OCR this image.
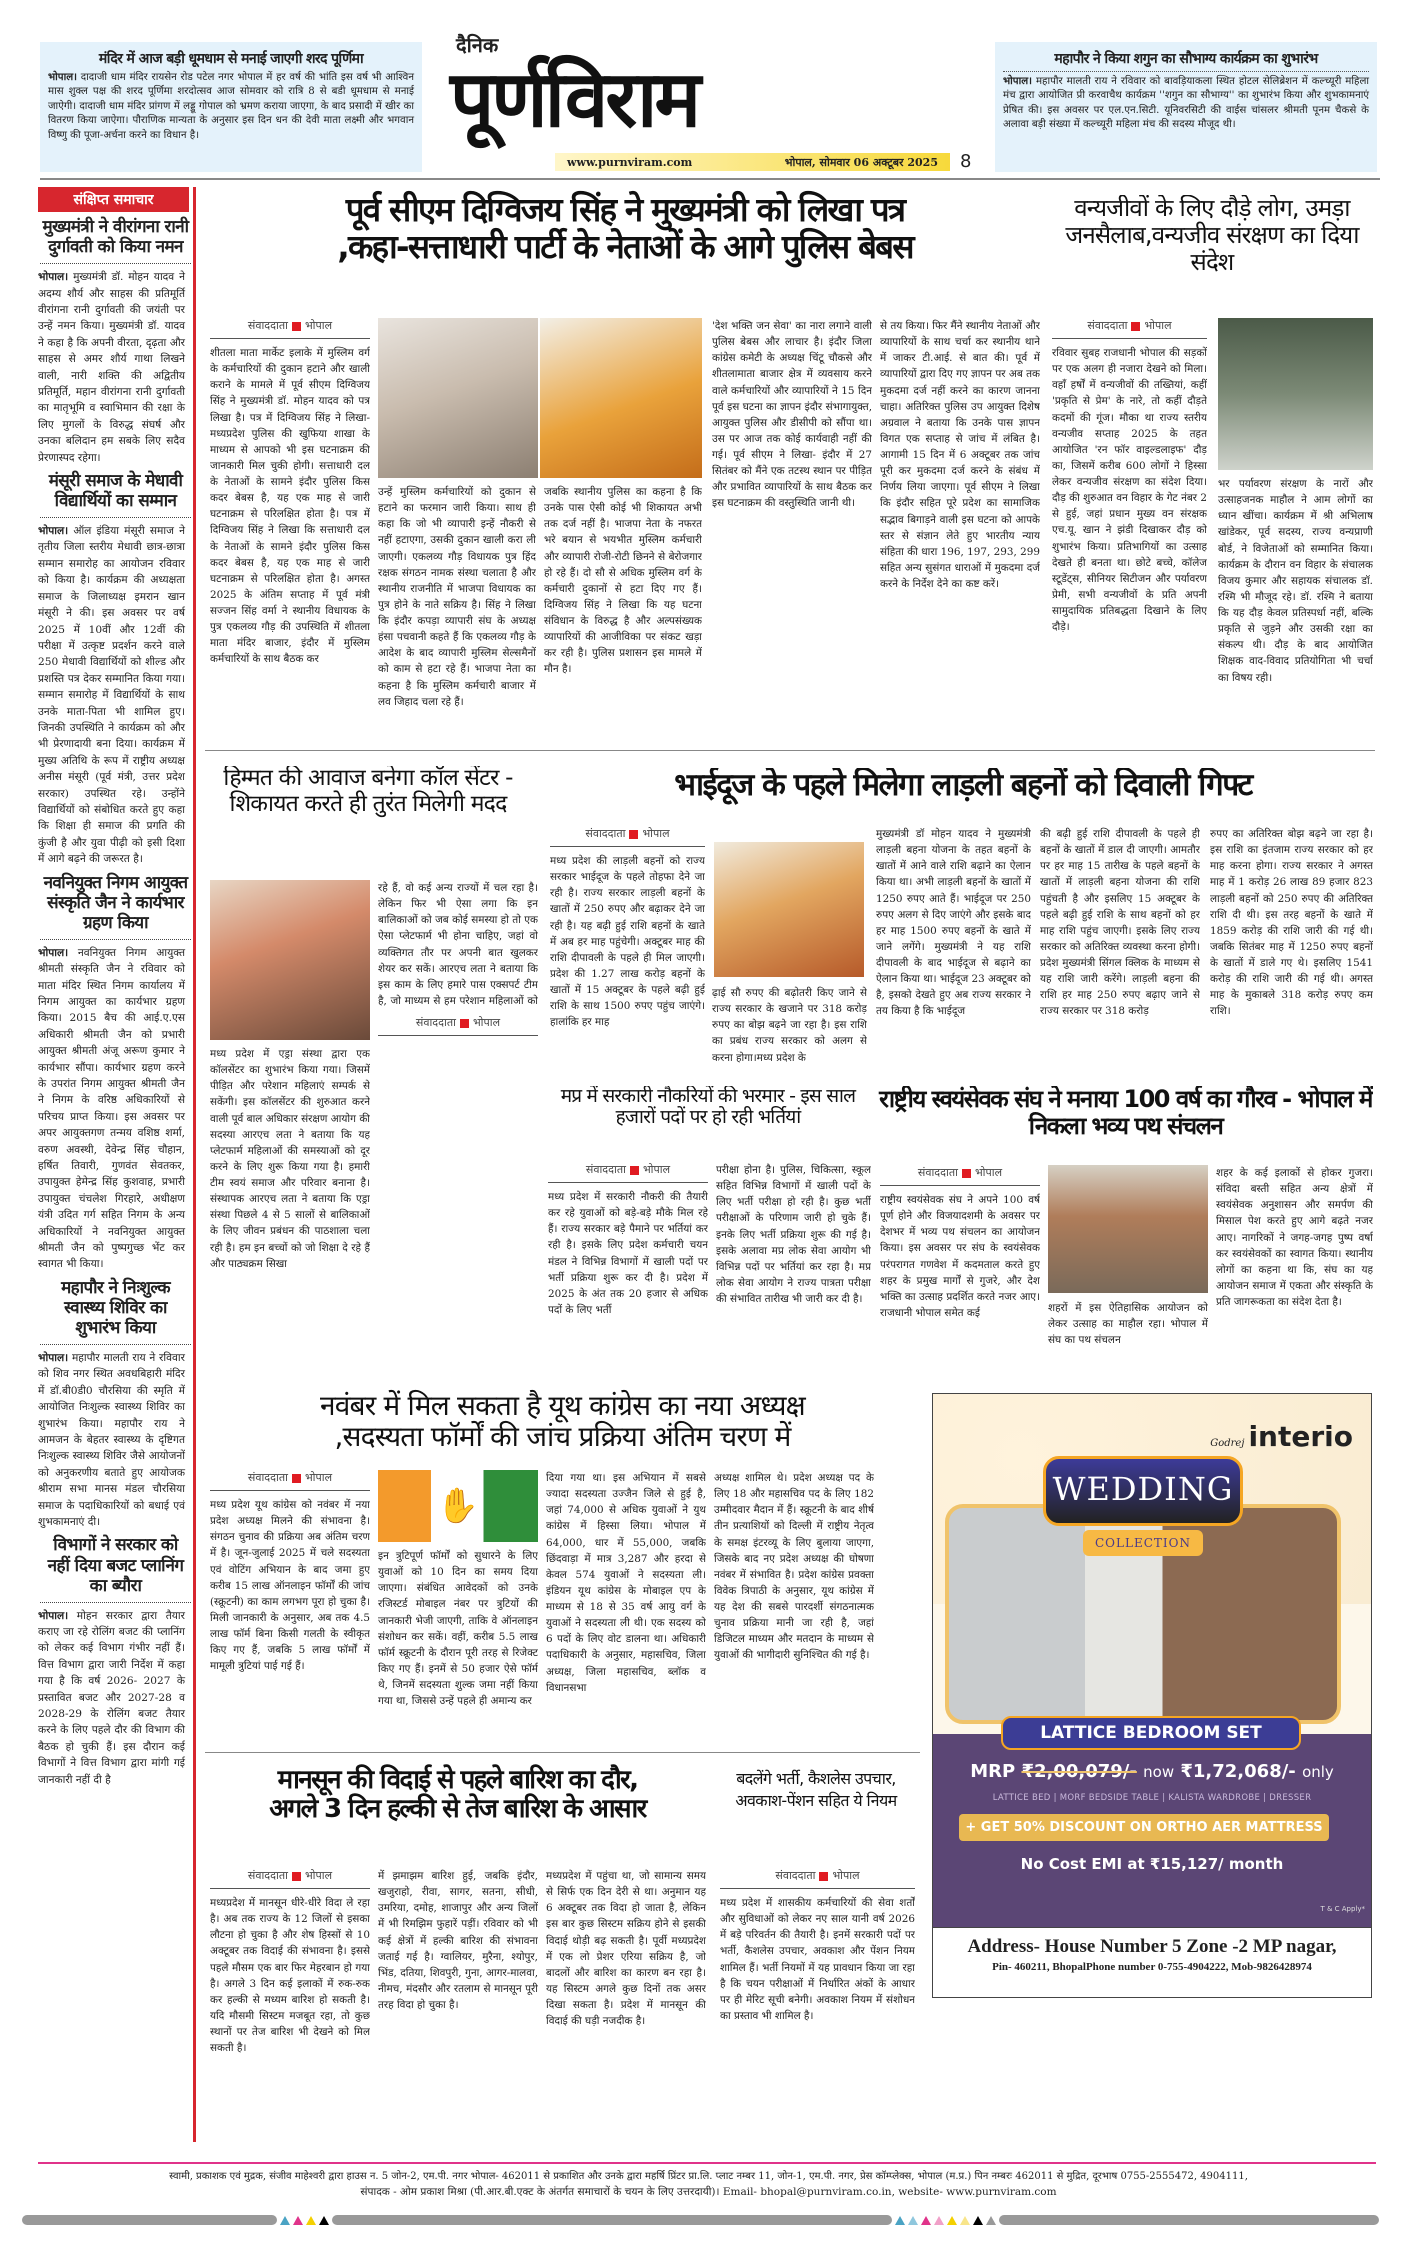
मंदिर में आज बड़ी धूमधाम से मनाई जाएगी शरद पूर्णिमा

भोपाल। दादाजी धाम मंदिर रायसेन रोड पटेल नगर भोपाल में हर वर्ष की भांति इस वर्ष भी आश्विन मास शुक्ल पक्ष की शरद पूर्णिमा शरदोत्सव आज सोमवार को रात्रि 8 से बडी धूमधाम से मनाई जाऐगी। दादाजी धाम मंदिर प्रांगण में लड्डू गोपाल को भ्रमण कराया जाएगा, के बाद प्रसादी में खीर का वितरण किया जाऐगा। पौराणिक मान्यता के अनुसार इस दिन धन की देवी माता लक्ष्मी और भगवान विष्णु की पूजा-अर्चना करने का विधान है।

दैनिक
पूर्णविराम
www.purnviram.com	भोपाल, सोमवार 06 अक्टूबर 2025 8
महापौर ने किया शगुन का सौभाग्य कार्यक्रम का शुभारंभ

भोपाल। महापौर मालती राय ने रविवार को बावड़ियाकला स्थित होटल सेलिब्रेशन में कल्च्यूरी महिला मंच द्वारा आयोजित प्री करवाचैथ कार्यक्रम ''शगुन का सौभाग्य'' का शुभारंभ किया और शुभकामनाएं प्रेषित की। इस अवसर पर एल.एन.सिटी. यूनिवरसिटी की वाईस चांसलर श्रीमती पूनम चैकसे के अलावा बड़ी संख्या में कल्च्यूरी महिला मंच की सदस्य मौजूद थी।

संक्षिप्त समाचार
मुख्यमंत्री ने वीरांगना रानी दुर्गावती को किया नमन

भोपाल। मुख्यमंत्री डॉ. मोहन यादव ने अदम्य शौर्य और साहस की प्रतिमूर्ति वीरांगना रानी दुर्गावती की जयंती पर उन्हें नमन किया। मुख्यमंत्री डॉ. यादव ने कहा है कि अपनी वीरता, दृढ़ता और साहस से अमर शौर्य गाथा लिखने वाली, नारी शक्ति की अद्वितीय प्रतिमूर्ति, महान वीरांगना रानी दुर्गावती का मातृभूमि व स्वाभिमान की रक्षा के लिए मुगलों के विरुद्ध संघर्ष और उनका बलिदान हम सबके लिए सदैव प्रेरणास्पद रहेगा।

मंसूरी समाज के मेधावी विद्यार्थियों का सम्मान

भोपाल। ऑल इंडिया मंसूरी समाज ने तृतीय जिला स्तरीय मेधावी छात्र-छात्रा सम्मान समारोह का आयोजन रविवार को किया है। कार्यक्रम की अध्यक्षता समाज के जिलाध्यक्ष इमरान खान मंसूरी ने की। इस अवसर पर वर्ष 2025 में 10वीं और 12वीं की परीक्षा में उत्कृष्ट प्रदर्शन करने वाले 250 मेधावी विद्यार्थियों को शील्ड और प्रशस्ति पत्र देकर सम्मानित किया गया। सम्मान समारोह में विद्यार्थियों के साथ उनके माता-पिता भी शामिल हुए। जिनकी उपस्थिति ने कार्यक्रम को और भी प्रेरणादायी बना दिया। कार्यक्रम में मुख्य अतिथि के रूप में राष्ट्रीय अध्यक्ष अनीस मंसूरी (पूर्व मंत्री, उत्तर प्रदेश सरकार) उपस्थित रहे। उन्होंने विद्यार्थियों को संबोधित करते हुए कहा कि शिक्षा ही समाज की प्रगति की कुंजी है और युवा पीढ़ी को इसी दिशा में आगे बढ़ने की जरूरत है।

नवनियुक्त निगम आयुक्त संस्कृति जैन ने कार्यभार ग्रहण किया

भोपाल। नवनियुक्त निगम आयुक्त श्रीमती संस्कृति जैन ने रविवार को माता मंदिर स्थित निगम कार्यालय में निगम आयुक्त का कार्यभार ग्रहण किया। 2015 बैच की आई.ए.एस अधिकारी श्रीमती जैन को प्रभारी आयुक्त श्रीमती अंजू अरूण कुमार ने कार्यभार सौंपा। कार्यभार ग्रहण करने के उपरांत निगम आयुक्त श्रीमती जैन ने निगम के वरिष्ठ अधिकारियों से परिचय प्राप्त किया। इस अवसर पर अपर आयुक्तगण तन्मय वशिष्ठ शर्मा, वरुण अवस्थी, देवेन्द्र सिंह चौहान, हर्षित तिवारी, गुणवंत सेवतकर, उपायुक्त हेमेन्द्र सिंह कुशवाह, प्रभारी उपायुक्त चंचलेश गिरहारे, अधीक्षण यंत्री उदित गर्ग सहित निगम के अन्य अधिकारियों ने नवनियुक्त आयुक्त श्रीमती जैन को पुष्पगुच्छ भेंट कर स्वागत भी किया।

महापौर ने निःशुल्क स्वास्थ्य शिविर का शुभारंभ किया

भोपाल। महापौर मालती राय ने रविवार को शिव नगर स्थित अवधबिहारी मंदिर में डॉ.बी0डी0 चौरसिया की स्मृति में आयोजित निःशुल्क स्वास्थ्य शिविर का शुभारंभ किया। महापौर राय ने आमजन के बेहतर स्वास्थ्य के दृष्टिगत निःशुल्क स्वास्थ्य शिविर जैसे आयोजनों को अनुकरणीय बताते हुए आयोजक श्रीराम सभा मानस मंडल चौरसिया समाज के पदाधिकारियों को बधाई एवं शुभकामनाएं दी।

विभागों ने सरकार को नहीं दिया बजट प्लानिंग का ब्यौरा

भोपाल। मोहन सरकार द्वारा तैयार कराए जा रहे रोलिंग बजट की प्लानिंग को लेकर कई विभाग गंभीर नहीं हैं। वित्त विभाग द्वारा जारी निर्देश में कहा गया है कि वर्ष 2026- 2027 के प्रस्तावित बजट और 2027-28 व 2028-29 के रोलिंग बजट तैयार करने के लिए पहले दौर की विभाग की बैठक हो चुकी हैं। इस दौरान कई विभागों ने वित्त विभाग द्वारा मांगी गई जानकारी नहीं दी है

पूर्व सीएम दिग्विजय सिंह ने मुख्यमंत्री को लिखा पत्र
,कहा-सत्ताधारी पार्टी के नेताओं के आगे पुलिस बेबस
संवाददाता भोपाल
शीतला माता मार्केट इलाके में मुस्लिम वर्ग के कर्मचारियों की दुकान हटाने और खाली कराने के मामले में पूर्व सीएम दिग्विजय सिंह ने मुख्यमंत्री डॉ. मोहन यादव को पत्र लिखा है। पत्र में दिग्विजय सिंह ने लिखा- मध्यप्रदेश पुलिस की खुफिया शाखा के माध्यम से आपको भी इस घटनाक्रम की जानकारी मिल चुकी होगी। सत्ताधारी दल के नेताओं के सामने इंदौर पुलिस किस कदर बेबस है, यह एक माह से जारी घटनाक्रम से परिलक्षित होता है। पत्र में दिग्विजय सिंह ने लिखा कि सत्ताधारी दल के नेताओं के सामने इंदौर पुलिस किस कदर बेबस है, यह एक माह से जारी घटनाक्रम से परिलक्षित होता है। अगस्त 2025 के अंतिम सप्ताह में पूर्व मंत्री सज्जन सिंह वर्मा ने स्थानीय विधायक के पुत्र एकलव्य गौड़ की उपस्थिति में शीतला माता मंदिर बाजार, इंदौर में मुस्लिम कर्मचारियों के साथ बैठक कर
उन्हें मुस्लिम कर्मचारियों को दुकान से हटाने का फरमान जारी किया। साथ ही कहा कि जो भी व्यापारी इन्हें नौकरी से नहीं हटाएगा, उसकी दुकान खाली करा ली जाएगी। एकलव्य गौड़ विधायक पुत्र हिंद रक्षक संगठन नामक संस्था चलाता है और स्थानीय राजनीति में भाजपा विधायक का पुत्र होने के नाते सक्रिय है। सिंह ने लिखा कि इंदौर कपड़ा व्यापारी संघ के अध्यक्ष हंसा पचवानी कहते हैं कि एकलव्य गौड़ के आदेश के बाद व्यापारी मुस्लिम सेल्समैनों को काम से हटा रहे हैं। भाजपा नेता का कहना है कि मुस्लिम कर्मचारी बाजार में लव जिहाद चला रहे हैं।
जबकि स्थानीय पुलिस का कहना है कि उनके पास ऐसी कोई भी शिकायत अभी तक दर्ज नहीं है। भाजपा नेता के नफरत भरे बयान से भयभीत मुस्लिम कर्मचारी और व्यापारी रोजी-रोटी छिनने से बेरोजगार हो रहे हैं। दो सौ से अधिक मुस्लिम वर्ग के कर्मचारी दुकानों से हटा दिए गए हैं। दिग्विजय सिंह ने लिखा कि यह घटना संविधान के विरुद्ध है और अल्पसंख्यक व्यापारियों की आजीविका पर संकट खड़ा कर रही है। पुलिस प्रशासन इस मामले में मौन है।
'देश भक्ति जन सेवा' का नारा लगाने वाली पुलिस बेबस और लाचार है। इंदौर जिला कांग्रेस कमेटी के अध्यक्ष चिंटू चौकसे और शीतलामाता बाजार क्षेत्र में व्यवसाय करने वाले कर्मचारियों और व्यापारियों ने 15 दिन पूर्व इस घटना का ज्ञापन इंदौर संभागायुक्त, आयुक्त पुलिस और डीसीपी को सौंपा था। उस पर आज तक कोई कार्यवाही नहीं की गई। पूर्व सीएम ने लिखा- इंदौर में 27 सितंबर को मैंने एक तटस्थ स्थान पर पीड़ित और प्रभावित व्यापारियों के साथ बैठक कर इस घटनाक्रम की वस्तुस्थिति जानी थी।
से तय किया। फिर मैंने स्थानीय नेताओं और व्यापारियों के साथ चर्चा कर स्थानीय थाने में जाकर टी.आई. से बात की। पूर्व में व्यापारियों द्वारा दिए गए ज्ञापन पर अब तक मुकदमा दर्ज नहीं करने का कारण जानना चाहा। अतिरिक्त पुलिस उप आयुक्त दिशेष अग्रवाल ने बताया कि उनके पास ज्ञापन विगत एक सप्ताह से जांच में लंबित है। आगामी 15 दिन में 6 अक्टूबर तक जांच पूरी कर मुकदमा दर्ज करने के संबंध में निर्णय लिया जाएगा। पूर्व सीएम ने लिखा कि इंदौर सहित पूरे प्रदेश का सामाजिक सद्भाव बिगाड़ने वाली इस घटना को आपके स्तर से संज्ञान लेते हुए भारतीय न्याय संहिता की धारा 196, 197, 293, 299 सहित अन्य सुसंगत धाराओं में मुकदमा दर्ज करने के निर्देश देने का कष्ट करें।
वन्यजीवों के लिए दौड़े लोग, उमड़ा जनसैलाब,वन्यजीव संरक्षण का दिया संदेश
संवाददाता भोपाल
रविवार सुबह राजधानी भोपाल की सड़कों पर एक अलग ही नजारा देखने को मिला। वहाँ हर्षों में वन्यजीवों की तख्तियां, कहीं 'प्रकृति से प्रेम' के नारे, तो कहीं दौड़ते कदमों की गूंज। मौका था राज्य स्तरीय वन्यजीव सप्ताह 2025 के तहत आयोजित 'रन फॉर वाइल्डलाइफ' दौड़ का, जिसमें करीब 600 लोगों ने हिस्सा लेकर वन्यजीव संरक्षण का संदेश दिया। दौड़ की शुरुआत वन विहार के गेट नंबर 2 से हुई, जहां प्रधान मुख्य वन संरक्षक एच.यू. खान ने झंडी दिखाकर दौड़ को शुभारंभ किया। प्रतिभागियों का उत्साह देखते ही बनता था। छोटे बच्चे, कॉलेज स्टूडेंट्स, सीनियर सिटीजन और पर्यावरण प्रेमी, सभी वन्यजीवों के प्रति अपनी सामुदायिक प्रतिबद्धता दिखाने के लिए दौड़े।
भर पर्यावरण संरक्षण के नारों और उत्साहजनक माहौल ने आम लोगों का ध्यान खींचा। कार्यक्रम में श्री अभिलाष खांडेकर, पूर्व सदस्य, राज्य वन्यप्राणी बोर्ड, ने विजेताओं को सम्मानित किया। कार्यक्रम के दौरान वन विहार के संचालक विजय कुमार और सहायक संचालक डॉ. रश्मि भी मौजूद रहे। डॉ. रश्मि ने बताया कि यह दौड़ केवल प्रतिस्पर्धा नहीं, बल्कि प्रकृति से जुड़ने और उसकी रक्षा का संकल्प थी। दौड़ के बाद आयोजित शिक्षक वाद-विवाद प्रतियोगिता भी चर्चा का विषय रही।
हिम्मत की आवाज बनेगा कॉल सेंटर - शिकायत करते ही तुरंत मिलेगी मदद
मध्य प्रदेश में एड्रा संस्था द्वारा एक कॉलसेंटर का शुभारंभ किया गया। जिसमें पीड़ित और परेशान महिलाएं सम्पर्क से सकेंगी। इस कॉलसेंटर की शुरुआत करने वाली पूर्व बाल अधिकार संरक्षण आयोग की सदस्या आरएच लता ने बताया कि यह प्लेटफार्म महिलाओं की समस्याओं को दूर करने के लिए शुरू किया गया है। हमारी टीम स्वयं समाज और परिवार बनाना है। संस्थापक आरएच लता ने बताया कि एड्रा संस्था पिछले 4 से 5 सालों से बालिकाओं के लिए जीवन प्रबंधन की पाठशाला चला रही है। हम इन बच्चों को जो शिक्षा दे रहे हैं और पाठ्यक्रम सिखा
रहे हैं, वो कई अन्य राज्यों में चल रहा है। लेकिन फिर भी ऐसा लगा कि इन बालिकाओं को जब कोई समस्या हो तो एक ऐसा प्लेटफार्म भी होना चाहिए, जहां वो व्यक्तिगत तौर पर अपनी बात खुलकर शेयर कर सकें। आरएच लता ने बताया कि इस काम के लिए हमारे पास एक्सपर्ट टीम है, जो माध्यम से हम परेशान महिलाओं को
संवाददाता भोपाल
भाईदूज के पहले मिलेगा लाड़ली बहनों को दिवाली गिफ्ट
संवाददाता भोपाल
मध्य प्रदेश की लाड़ली बहनों को राज्य सरकार भाईदूज के पहले तोहफा देने जा रही है। राज्य सरकार लाड़ली बहनों के खातों में 250 रुपए और बढ़ाकर देने जा रही है। यह बढ़ी हुई राशि बहनों के खाते में अब हर माह पहुंचेगी। अक्टूबर माह की राशि दीपावली के पहले ही मिल जाएगी। प्रदेश की 1.27 लाख करोड़ बहनों के खातों में 15 अक्टूबर के पहले बढ़ी हुई राशि के साथ 1500 रुपए पहुंच जाएंगे। हालांकि हर माह
ढ़ाई सौ रुपए की बढ़ोतरी किए जाने से राज्य सरकार के खजाने पर 318 करोड़ रुपए का बोझ बढ़ने जा रहा है। इस राशि का प्रबंध राज्य सरकार को अलग से करना होगा।मध्य प्रदेश के
मुख्यमंत्री डॉ मोहन यादव ने मुख्यमंत्री लाड़ली बहना योजना के तहत बहनों के खातों में आने वाले राशि बढ़ाने का ऐलान किया था। अभी लाड़ली बहनों के खातों में 1250 रुपए आते हैं। भाईदूज पर 250 रुपए अलग से दिए जाएंगे और इसके बाद हर माह 1500 रुपए बहनों के खाते में जाने लगेंगे। मुख्यमंत्री ने यह राशि दीपावली के बाद भाईदूज से बढ़ाने का ऐलान किया था। भाईदूज 23 अक्टूबर को है, इसको देखते हुए अब राज्य सरकार ने तय किया है कि भाईदूज
की बढ़ी हुई राशि दीपावली के पहले ही बहनों के खातों में डाल दी जाएगी। आमतौर पर हर माह 15 तारीख के पहले बहनों के खातों में लाड़ली बहना योजना की राशि पहुंचती है और इसलिए 15 अक्टूबर के पहले बढ़ी हुई राशि के साथ बहनों को हर माह राशि पहुंच जाएगी। इसके लिए राज्य सरकार को अतिरिक्त व्यवस्था करना होगी। प्रदेश मुख्यमंत्री सिंगल क्लिक के माध्यम से यह राशि जारी करेंगे। लाड़ली बहना की राशि हर माह 250 रुपए बढ़ाए जाने से राज्य सरकार पर 318 करोड़
रुपए का अतिरिक्त बोझ बढ़ने जा रहा है। इस राशि का इंतजाम राज्य सरकार को हर माह करना होगा। राज्य सरकार ने अगस्त माह में 1 करोड़ 26 लाख 89 हजार 823 लाड़ली बहनों को 250 रुपए की अतिरिक्त राशि दी थी। इस तरह बहनों के खाते में 1859 करोड़ की राशि जारी की गई थी। जबकि सितंबर माह में 1250 रुपए बहनों के खातों में डाले गए थे। इसलिए 1541 करोड़ की राशि जारी की गई थी। अगस्त माह के मुकाबले 318 करोड़ रुपए कम राशि।
मप्र में सरकारी नौकरियों की भरमार - इस साल हजारों पदों पर हो रही भर्तियां
संवाददाता भोपाल
मध्य प्रदेश में सरकारी नौकरी की तैयारी कर रहे युवाओं को बड़े-बड़े मौके मिल रहे हैं। राज्य सरकार बड़े पैमाने पर भर्तियां कर रही है। इसके लिए प्रदेश कर्मचारी चयन मंडल ने विभिन्न विभागों में खाली पदों पर भर्ती प्रक्रिया शुरू कर दी है। प्रदेश में 2025 के अंत तक 20 हजार से अधिक पदों के लिए भर्ती
परीक्षा होना है। पुलिस, चिकित्सा, स्कूल सहित विभिन्न विभागों में खाली पदों के लिए भर्ती परीक्षा हो रही है। कुछ भर्ती परीक्षाओं के परिणाम जारी हो चुके हैं। इनके लिए भर्ती प्रक्रिया शुरू की गई है। इसके अलावा मप्र लोक सेवा आयोग भी विभिन्न पदों पर भर्तियां कर रहा है। मप्र लोक सेवा आयोग ने राज्य पात्रता परीक्षा की संभावित तारीख भी जारी कर दी है।
राष्ट्रीय स्वयंसेवक संघ ने मनाया 100 वर्ष का गौरव - भोपाल में निकला भव्य पथ संचलन
संवाददाता भोपाल
राष्ट्रीय स्वयंसेवक संघ ने अपने 100 वर्ष पूर्ण होने और विजयादशमी के अवसर पर देशभर में भव्य पथ संचलन का आयोजन किया। इस अवसर पर संघ के स्वयंसेवक परंपरागत गणवेश में कदमताल करते हुए शहर के प्रमुख मार्गों से गुजरे, और देश भक्ति का उत्साह प्रदर्शित करते नजर आए। राजधानी भोपाल समेत कई	शहरों में इस ऐतिहासिक आयोजन को लेकर उत्साह का माहौल रहा। भोपाल में संघ का पथ संचलन
शहर के कई इलाकों से होकर गुजरा। संविदा बस्ती सहित अन्य क्षेत्रों में स्वयंसेवक अनुशासन और समर्पण की मिसाल पेश करते हुए आगे बढ़ते नजर आए। नागरिकों ने जगह-जगह पुष्प वर्षा कर स्वयंसेवकों का स्वागत किया। स्थानीय लोगों का कहना था कि, संघ का यह आयोजन समाज में एकता और संस्कृति के प्रति जागरूकता का संदेश देता है।
नवंबर में मिल सकता है यूथ कांग्रेस का नया अध्यक्ष
,सदस्यता फॉर्मों की जांच प्रक्रिया अंतिम चरण में
संवाददाता भोपाल
मध्य प्रदेश यूथ कांग्रेस को नवंबर में नया प्रदेश अध्यक्ष मिलने की संभावना है। संगठन चुनाव की प्रक्रिया अब अंतिम चरण में है। जून-जुलाई 2025 में चले सदस्यता एवं वोटिंग अभियान के बाद जमा हुए करीब 15 लाख ऑनलाइन फॉर्मों की जांच (स्क्रूटनी) का काम लगभग पूरा हो चुका है। मिली जानकारी के अनुसार, अब तक 4.5 लाख फॉर्म बिना किसी गलती के स्वीकृत किए गए हैं, जबकि 5 लाख फॉर्मों में मामूली त्रुटियां पाई गई हैं।
✋
इन त्रुटिपूर्ण फॉर्मों को सुधारने के लिए युवाओं को 10 दिन का समय दिया जाएगा। संबंधित आवेदकों को उनके रजिस्टर्ड मोबाइल नंबर पर त्रुटियों की जानकारी भेजी जाएगी, ताकि वे ऑनलाइन संशोधन कर सकें। वहीं, करीब 5.5 लाख फॉर्म स्क्रूटनी के दौरान पूरी तरह से रिजेक्ट किए गए हैं। इनमें से 50 हजार ऐसे फॉर्म थे, जिनमें सदस्यता शुल्क जमा नहीं किया गया था, जिससे उन्हें पहले ही अमान्य कर
दिया गया था। इस अभियान में सबसे ज्यादा सदस्यता उज्जैन जिले से हुई है, जहां 74,000 से अधिक युवाओं ने युथ कांग्रेस में हिस्सा लिया। भोपाल में 64,000, धार में 55,000, जबकि छिंदवाड़ा में मात्र 3,287 और हरदा से केवल 574 युवाओं ने सदस्यता ली। इंडियन यूथ कांग्रेस के मोबाइल एप के माध्यम से 18 से 35 वर्ष आयु वर्ग के युवाओं ने सदस्यता ली थी। एक सदस्य को 6 पदों के लिए वोट डालना था। अधिकारी पदाधिकारी के अनुसार, महासचिव, जिला अध्यक्ष, जिला महासचिव, ब्लॉक व विधानसभा
अध्यक्ष शामिल थे। प्रदेश अध्यक्ष पद के लिए 18 और महासचिव पद के लिए 182 उम्मीदवार मैदान में हैं। स्क्रूटनी के बाद शीर्ष तीन प्रत्याशियों को दिल्ली में राष्ट्रीय नेतृत्व के समक्ष इंटरव्यू के लिए बुलाया जाएगा, जिसके बाद नए प्रदेश अध्यक्ष की घोषणा नवंबर में संभावित है। प्रदेश कांग्रेस प्रवक्ता विवेक त्रिपाठी के अनुसार, यूथ कांग्रेस में यह देश की सबसे पारदर्शी संगठनात्मक चुनाव प्रक्रिया मानी जा रही है, जहां डिजिटल माध्यम और मतदान के माध्यम से युवाओं की भागीदारी सुनिश्चित की गई है।
मानसून की विदाई से पहले बारिश का दौर,
अगले 3 दिन हल्की से तेज बारिश के आसार
संवाददाता भोपाल
मध्यप्रदेश में मानसून धीरे-धीरे विदा ले रहा है। अब तक राज्य के 12 जिलों से इसका लौटना हो चुका है और शेष हिस्सों से 10 अक्टूबर तक विदाई की संभावना है। इससे पहले मौसम एक बार फिर मेहरबान हो गया है। अगले 3 दिन कई इलाकों में रुक-रुक कर हल्की से मध्यम बारिश हो सकती है। यदि मौसमी सिस्टम मजबूत रहा, तो कुछ स्थानों पर तेज बारिश भी देखने को मिल सकती है।
में झमाझम बारिश हुई, जबकि इंदौर, खजुराहो, रीवा, सागर, सतना, सीधी, उमरिया, दमोह, शाजापुर और अन्य जिलों में भी रिमझिम फुहारें पड़ीं। रविवार को भी कई क्षेत्रों में हल्की बारिश की संभावना जताई गई है। ग्वालियर, मुरैना, श्योपुर, भिंड, दतिया, शिवपुरी, गुना, आगर-मालवा, नीमच, मंदसौर और रतलाम से मानसून पूरी तरह विदा हो चुका है।
मध्यप्रदेश में पहुंचा था, जो सामान्य समय से सिर्फ एक दिन देरी से था। अनुमान यह 6 अक्टूबर तक विदा हो जाता है, लेकिन इस बार कुछ सिस्टम सक्रिय होने से इसकी विदाई थोड़ी बढ़ सकती है। पूर्वी मध्यप्रदेश में एक लो प्रेशर एरिया सक्रिय है, जो बादलों और बारिश का कारण बन रहा है। यह सिस्टम अगले कुछ दिनों तक असर दिखा सकता है। प्रदेश में मानसून की विदाई की घड़ी नजदीक है।
बदलेंगे भर्ती, कैशलेस उपचार, अवकाश-पेंशन सहित ये नियम
संवाददाता भोपाल
मध्य प्रदेश में शासकीय कर्मचारियों की सेवा शर्तों और सुविधाओं को लेकर नए साल यानी वर्ष 2026 में बड़े परिवर्तन की तैयारी है। इनमें सरकारी पदों पर भर्ती, कैशलेस उपचार, अवकाश और पेंशन नियम शामिल हैं। भर्ती नियमों में यह प्रावधान किया जा रहा है कि चयन परीक्षाओं में निर्धारित अंकों के आधार पर ही मेरिट सूची बनेगी। अवकाश नियम में संशोधन का प्रस्ताव भी शामिल है।
Godrej interio
WEDDING
COLLECTION
LATTICE BEDROOM SET
MRP ₹2,00,079/- now ₹1,72,068/- only
LATTICE BED | MORF BEDSIDE TABLE | KALISTA WARDROBE | DRESSER
+ GET 50% DISCOUNT ON ORTHO AER MATTRESS
No Cost EMI at ₹15,127/ month
T & C Apply*
Address- House Number 5 Zone -2 MP nagar,
Pin- 460211, BhopalPhone number 0-755-4904222, Mob-9826428974
स्वामी, प्रकाशक एवं मुद्रक, संजीव माहेश्वरी द्वारा हाउस न. 5 जोन-2, एम.पी. नगर भोपाल- 462011 से प्रकाशित और उनके द्वारा महर्षि प्रिंटर प्रा.लि. प्लाट नम्बर 11, जोन-1, एम.पी. नगर, प्रेस कॉम्प्लेक्स, भोपाल (म.प्र.) पिन नम्बरः 462011 से मुद्रित, दूरभाष 0755-2555472, 4904111,
संपादक - ओम प्रकाश मिश्रा (पी.आर.बी.एक्ट के अंतर्गत समाचारों के चयन के लिए उत्तरदायी)। Email- bhopal@purnviram.co.in, website- www.purnviram.com
